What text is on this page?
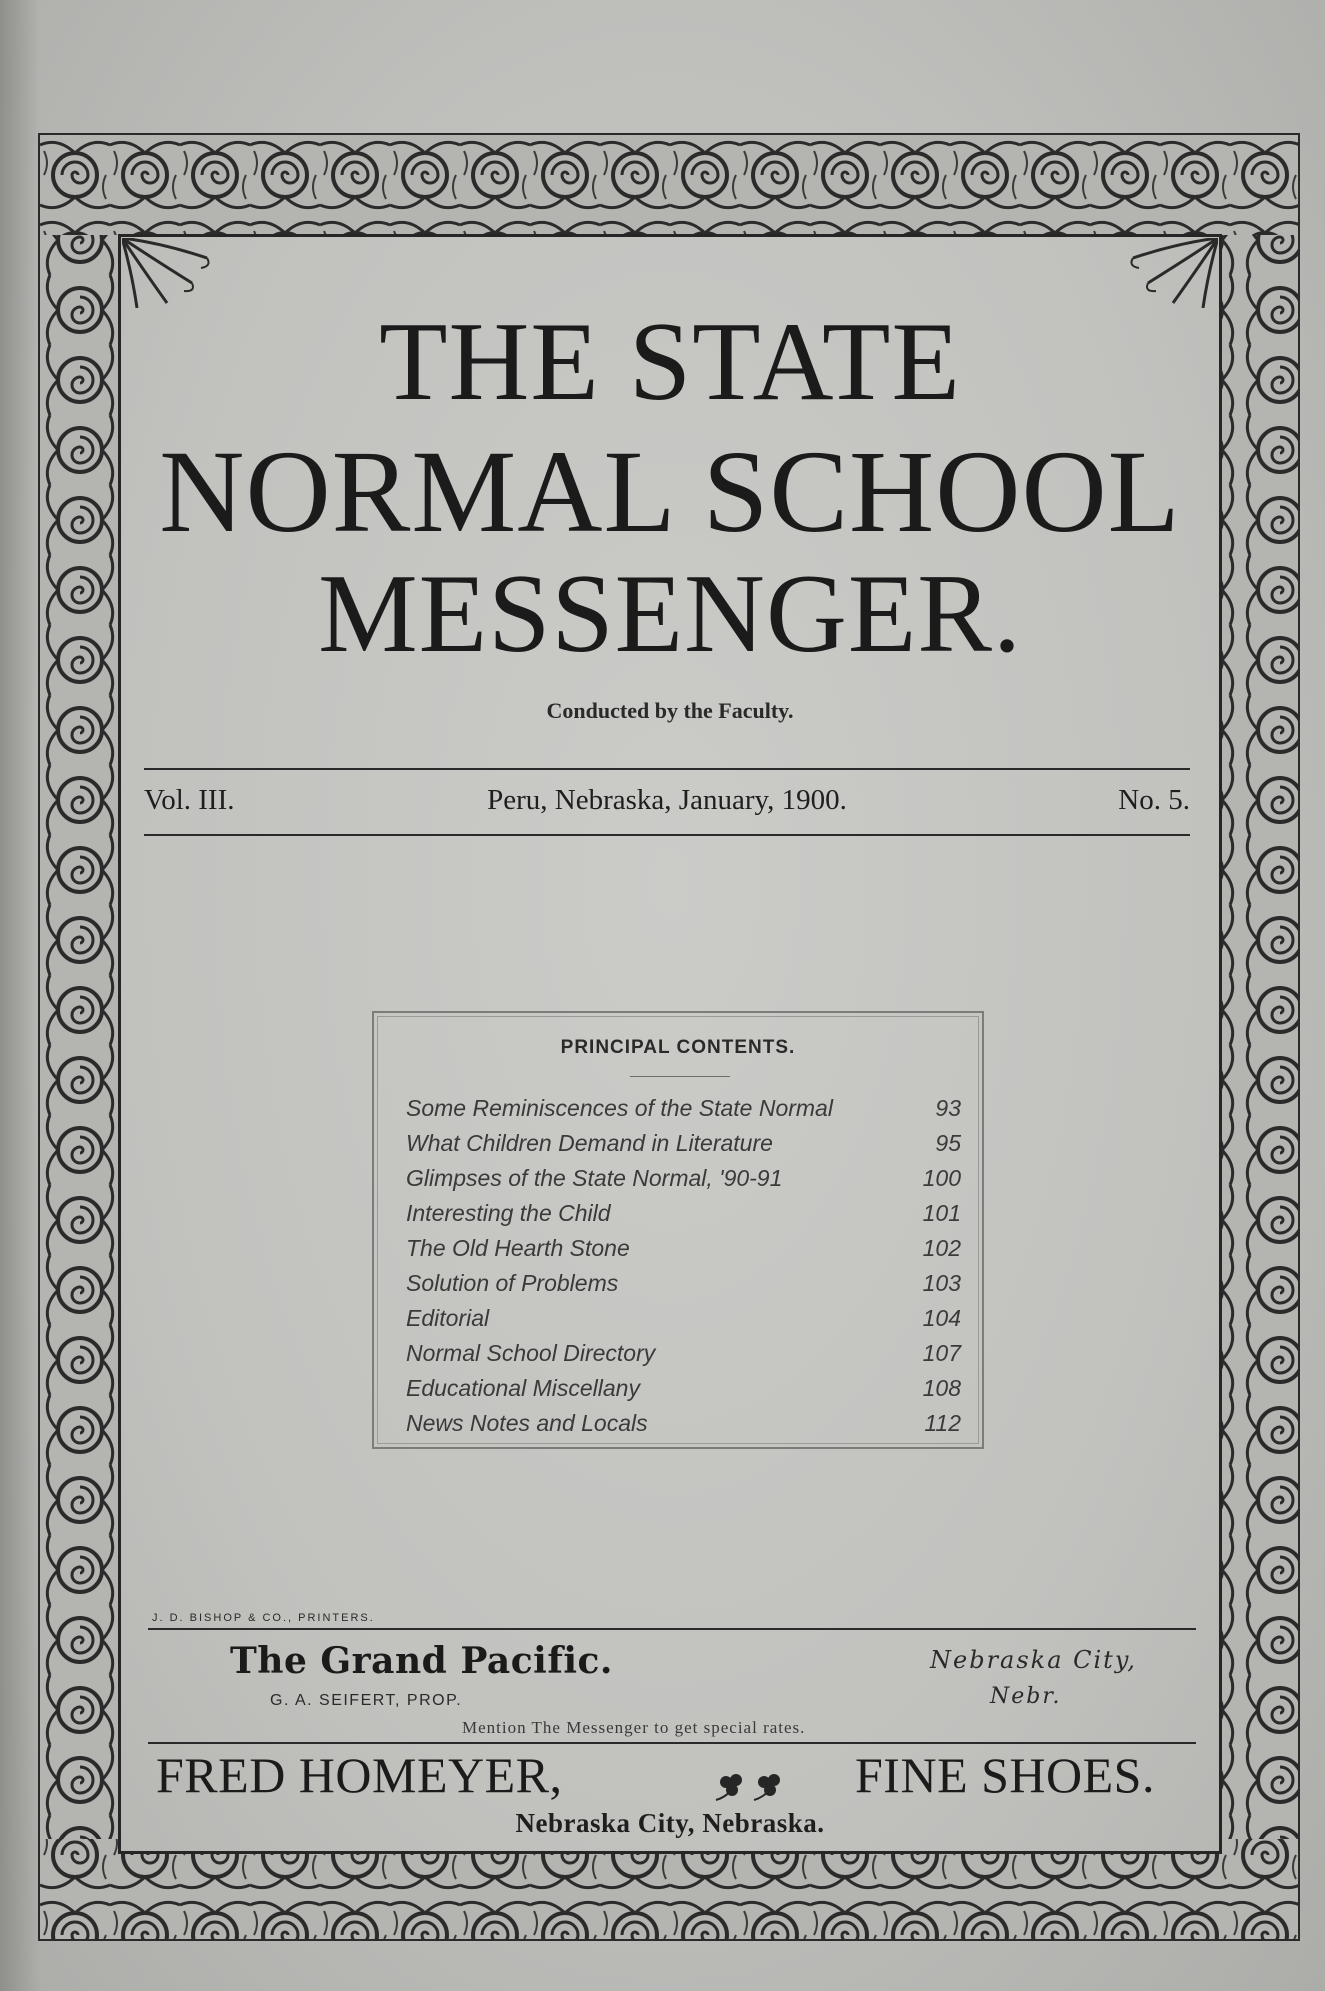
THE STATE
NORMAL SCHOOL
MESSENGER.
Conducted by the Faculty.
Vol. III.	Peru, Nebraska, January, 1900.	No. 5.
PRINCIPAL CONTENTS.
Some Reminiscences of the State Normal	93
What Children Demand in Literature	95
Glimpses of the State Normal, '90-91	100
Interesting the Child	101
The Old Hearth Stone	102
Solution of Problems	103
Editorial	104
Normal School Directory	107
Educational Miscellany	108
News Notes and Locals	112
J. D. BISHOP & CO., PRINTERS.
The Grand Pacific.
G. A. SEIFERT, PROP.
Nebraska City,
Nebr.
Mention The Messenger to get special rates.
FRED HOMEYER,	FINE SHOES.
Nebraska City, Nebraska.
